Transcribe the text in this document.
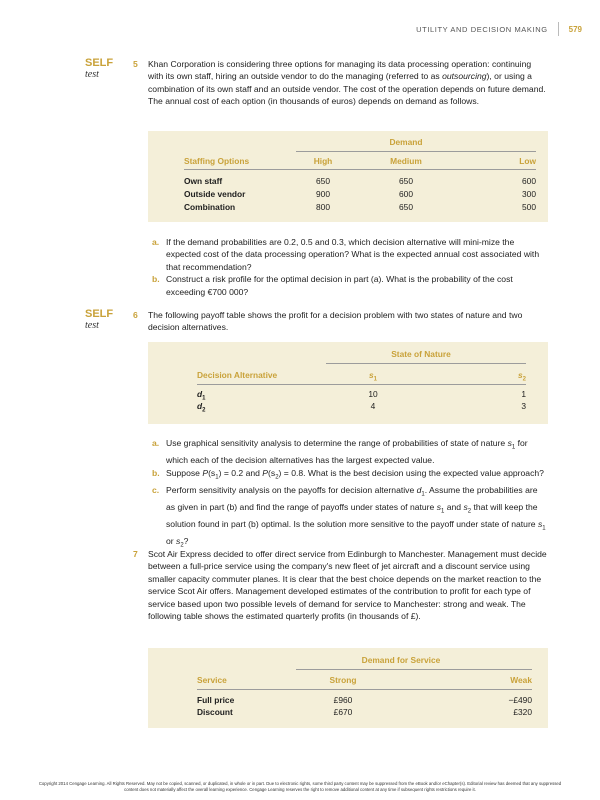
UTILITY AND DECISION MAKING	579
SELF
test
5 Khan Corporation is considering three options for managing its data processing operation: continuing with its own staff, hiring an outside vendor to do the managing (referred to as outsourcing), or using a combination of its own staff and an outside vendor. The cost of the operation depends on future demand. The annual cost of each option (in thousands of euros) depends on demand as follows.
Demand
Staffing Options	High	Medium	Low
Own staff	650	650	600
Outside vendor	900	600	300
Combination	800	650	500
a. If the demand probabilities are 0.2, 0.5 and 0.3, which decision alternative will mini-mize the expected cost of the data processing operation? What is the expected annual cost associated with that recommendation?
b. Construct a risk profile for the optimal decision in part (a). What is the probability of the cost exceeding €700 000?
SELF
test
6 The following payoff table shows the profit for a decision problem with two states of nature and two decision alternatives.
State of Nature
Decision Alternative	$s_1$	$s_2$
$d_1$	10	1
$d_2$	4	3
a. Use graphical sensitivity analysis to determine the range of probabilities of state of nature $s_1$ for which each of the decision alternatives has the largest expected value.
b. Suppose $P(s_1) = 0.2$ and $P(s_2) = 0.8$. What is the best decision using the expected value approach?
c. Perform sensitivity analysis on the payoffs for decision alternative $d_1$. Assume the probabilities are as given in part (b) and find the range of payoffs under states of nature $s_1$ and $s_2$ that will keep the solution found in part (b) optimal. Is the solution more sensitive to the payoff under state of nature $s_1$ or $s_2$?
7 Scot Air Express decided to offer direct service from Edinburgh to Manchester. Management must decide between a full-price service using the company's new fleet of jet aircraft and a discount service using smaller capacity commuter planes. It is clear that the best choice depends on the market reaction to the service Scot Air offers. Management developed estimates of the contribution to profit for each type of service based upon two possible levels of demand for service to Manchester: strong and weak. The following table shows the estimated quarterly profits (in thousands of £).
Demand for Service
Service	Strong	Weak
Full price	£960	−£490
Discount	£670	£320
Copyright 2014 Cengage Learning. All Rights Reserved. May not be copied, scanned, or duplicated, in whole or in part. Due to electronic rights, some third party content may be suppressed from the eBook and/or eChapter(s). Editorial review has deemed that any suppressed content does not materially affect the overall learning experience. Cengage Learning reserves the right to remove additional content at any time if subsequent rights restrictions require it.
